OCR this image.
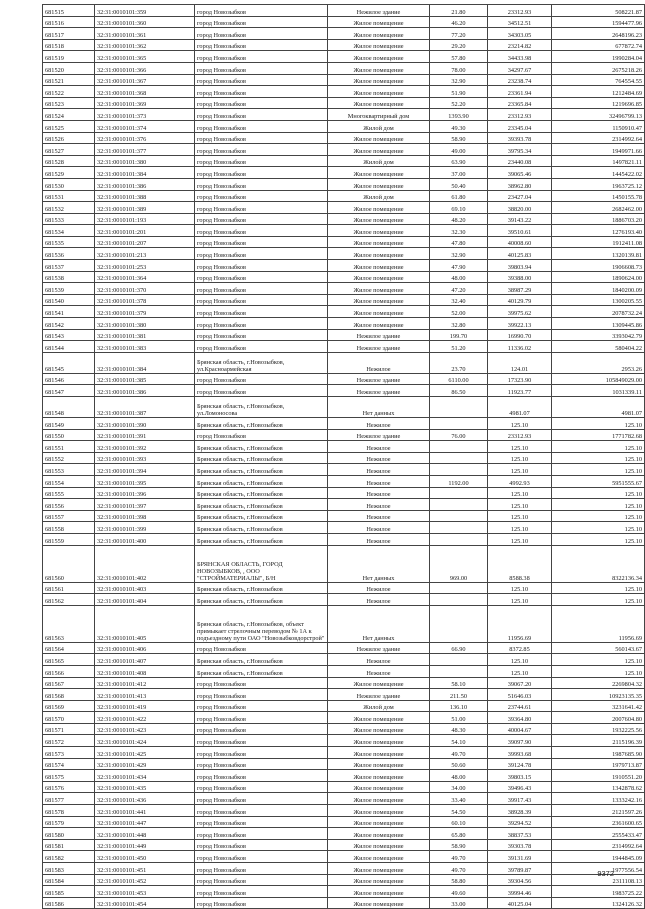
681515	32:31:0010101:359	город Новозыбков	Нежилое здание	21.80	23312.93	508221.87
681516	32:31:0010101:360	город Новозыбков	Жилое помещение	46.20	34512.51	1594477.96
681517	32:31:0010101:361	город Новозыбков	Жилое помещение	77.20	34303.05	2648196.23
681518	32:31:0010101:362	город Новозыбков	Жилое помещение	29.20	23214.82	677872.74
681519	32:31:0010101:365	город Новозыбков	Жилое помещение	57.80	34433.98	1990284.04
681520	32:31:0010101:366	город Новозыбков	Жилое помещение	78.00	34297.67	2675218.26
681521	32:31:0010101:367	город Новозыбков	Жилое помещение	32.90	23238.74	764554.55
681522	32:31:0010101:368	город Новозыбков	Жилое помещение	51.90	23361.94	1212484.69
681523	32:31:0010101:369	город Новозыбков	Жилое помещение	52.20	23365.84	1219696.85
681524	32:31:0010101:373	город Новозыбков	Многоквартирный дом	1393.90	23312.93	32496799.13
681525	32:31:0010101:374	город Новозыбков	Жилой дом	49.30	23345.04	1150910.47
681526	32:31:0010101:376	город Новозыбков	Жилое помещение	58.90	39393.78	2314992.64
681527	32:31:0010101:377	город Новозыбков	Жилое помещение	49.00	39795.34	1949971.66
681528	32:31:0010101:380	город Новозыбков	Жилой дом	63.90	23440.08	1497821.11
681529	32:31:0010101:384	город Новозыбков	Жилое помещение	37.00	39065.46	1445422.02
681530	32:31:0010101:386	город Новозыбков	Жилое помещение	50.40	38962.80	1963725.12
681531	32:31:0010101:388	город Новозыбков	Жилой дом	61.80	23427.04	1450155.78
681532	32:31:0010101:389	город Новозыбков	Жилое помещение	69.10	38820.00	2682462.00
681533	32:31:0010101:193	город Новозыбков	Жилое помещение	48.20	39143.22	1886703.20
681534	32:31:0010101:201	город Новозыбков	Жилое помещение	32.30	39510.61	1276193.40
681535	32:31:0010101:207	город Новозыбков	Жилое помещение	47.80	40008.60	1912411.08
681536	32:31:0010101:213	город Новозыбков	Жилое помещение	32.90	40125.83	1320139.81
681537	32:31:0010101:253	город Новозыбков	Жилое помещение	47.90	39803.94	1906608.73
681538	32:31:0010101:364	город Новозыбков	Жилое помещение	48.00	39388.00	1890624.00
681539	32:31:0010101:370	город Новозыбков	Жилое помещение	47.20	38987.29	1840200.09
681540	32:31:0010101:378	город Новозыбков	Жилое помещение	32.40	40129.79	1300205.55
681541	32:31:0010101:379	город Новозыбков	Жилое помещение	52.00	39975.62	2078732.24
681542	32:31:0010101:380	город Новозыбков	Жилое помещение	32.80	39922.13	1309445.86
681543	32:31:0010101:381	город Новозыбков	Нежилое здание	199.70	16990.70	3393042.79
681544	32:31:0010101:383	город Новозыбков	Нежилое здание	51.20	11336.02	580404.22
681545	32:31:0010101:384	Брянская область, г.Новозыбков, ул.Красноармейская	Нежилое	23.70	124.01	2953.26
681546	32:31:0010101:385	город Новозыбков	Нежилое здание	6110.00	17323.90	105849029.00
681547	32:31:0010101:386	город Новозыбков	Нежилое здание	86.50	11923.77	1031339.11
681548	32:31:0010101:387	Брянская область, г.Новозыбков, ул.Ломоносова	Нет данных		4981.07	4981.07
681549	32:31:0010101:390	Брянская область, г.Новозыбков	Нежилое		125.10	125.10
681550	32:31:0010101:391	город Новозыбков	Нежилое здание	76.00	23312.93	1771782.68
681551	32:31:0010101:392	Брянская область, г.Новозыбков	Нежилое		125.10	125.10
681552	32:31:0010101:393	Брянская область, г.Новозыбков	Нежилое		125.10	125.10
681553	32:31:0010101:394	Брянская область, г.Новозыбков	Нежилое		125.10	125.10
681554	32:31:0010101:395	Брянская область, г.Новозыбков	Нежилое	1192.00	4992.93	5951555.67
681555	32:31:0010101:396	Брянская область, г.Новозыбков	Нежилое		125.10	125.10
681556	32:31:0010101:397	Брянская область, г.Новозыбков	Нежилое		125.10	125.10
681557	32:31:0010101:398	Брянская область, г.Новозыбков	Нежилое		125.10	125.10
681558	32:31:0010101:399	Брянская область, г.Новозыбков	Нежилое		125.10	125.10
681559	32:31:0010101:400	Брянская область, г.Новозыбков	Нежилое		125.10	125.10
681560	32:31:0010101:402	БРЯНСКАЯ ОБЛАСТЬ, ГОРОД НОВОЗЫБКОВ, , ООО "СТРОЙМАТЕРИАЛЫ", Б/Н	Нет данных	969.00	8588.38	8322136.34
681561	32:31:0010101:403	Брянская область, г.Новозыбков	Нежилое		125.10	125.10
681562	32:31:0010101:404	Брянская область, г.Новозыбков	Нежилое		125.10	125.10
681563	32:31:0010101:405	Брянская область, г.Новозыбков, объект примыкает стрелочным переводом № 1А к подъездному пути ОАО "Новозыбковдорстрой"	Нет данных		11956.69	11956.69
681564	32:31:0010101:406	город Новозыбков	Нежилое здание	66.90	8372.85	560143.67
681565	32:31:0010101:407	Брянская область, г.Новозыбков	Нежилое		125.10	125.10
681566	32:31:0010101:408	Брянская область, г.Новозыбков	Нежилое		125.10	125.10
681567	32:31:0010101:412	город Новозыбков	Жилое помещение	58.10	39067.20	2269804.32
681568	32:31:0010101:413	город Новозыбков	Нежилое здание	211.50	51646.03	10923135.35
681569	32:31:0010101:419	город Новозыбков	Жилой дом	136.10	23744.61	3231641.42
681570	32:31:0010101:422	город Новозыбков	Жилое помещение	51.00	39364.80	2007604.80
681571	32:31:0010101:423	город Новозыбков	Жилое помещение	48.30	40004.67	1932225.56
681572	32:31:0010101:424	город Новозыбков	Жилое помещение	54.10	39097.90	2115196.39
681573	32:31:0010101:425	город Новозыбков	Жилое помещение	49.70	39993.68	1987685.90
681574	32:31:0010101:429	город Новозыбков	Жилое помещение	50.60	39124.78	1979713.87
681575	32:31:0010101:434	город Новозыбков	Жилое помещение	48.00	39803.15	1910551.20
681576	32:31:0010101:435	город Новозыбков	Жилое помещение	34.00	39496.43	1342878.62
681577	32:31:0010101:436	город Новозыбков	Жилое помещение	33.40	39917.43	1333242.16
681578	32:31:0010101:441	город Новозыбков	Жилое помещение	54.50	38928.39	2121597.26
681579	32:31:0010101:447	город Новозыбков	Жилое помещение	60.10	39294.52	2361600.65
681580	32:31:0010101:448	город Новозыбков	Жилое помещение	65.80	38837.53	2555433.47
681581	32:31:0010101:449	город Новозыбков	Жилое помещение	58.90	39303.78	2314992.64
681582	32:31:0010101:450	город Новозыбков	Жилое помещение	49.70	39131.69	1944845.09
681583	32:31:0010101:451	город Новозыбков	Жилое помещение	49.70	39789.87	1977556.54
681584	32:31:0010101:452	город Новозыбков	Жилое помещение	58.80	39304.56	2311108.13
681585	32:31:0010101:453	город Новозыбков	Жилое помещение	49.60	39994.46	1983725.22
681586	32:31:0010101:454	город Новозыбков	Жилое помещение	33.00	40125.04	1324126.32
9372
